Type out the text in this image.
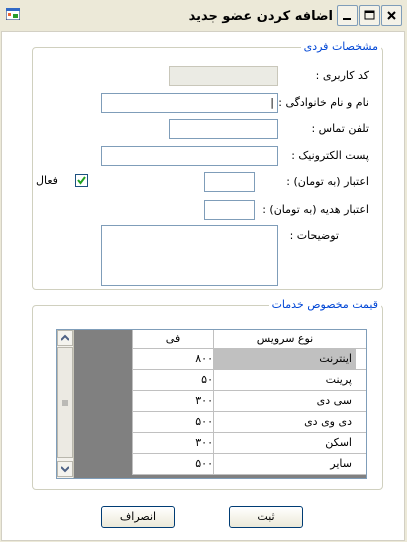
اضافه کردن عضو جدید
مشخصات فردی
کد کاربری :
نام و نام خانوادگی :
|
تلفن تماس :
پست الکترونیک :
اعتبار (به تومان) :
اعتبار هدیه (به تومان) :
توضیحات :
فعال
قیمت مخصوص خدمات
فی	نوع سرویس
۸۰۰	اینترنت
۵۰	پرینت
۳۰۰	سی دی
۵۰۰	دی وی دی
۳۰۰	اسکن
۵۰۰	سایر
انصراف	ثبت
